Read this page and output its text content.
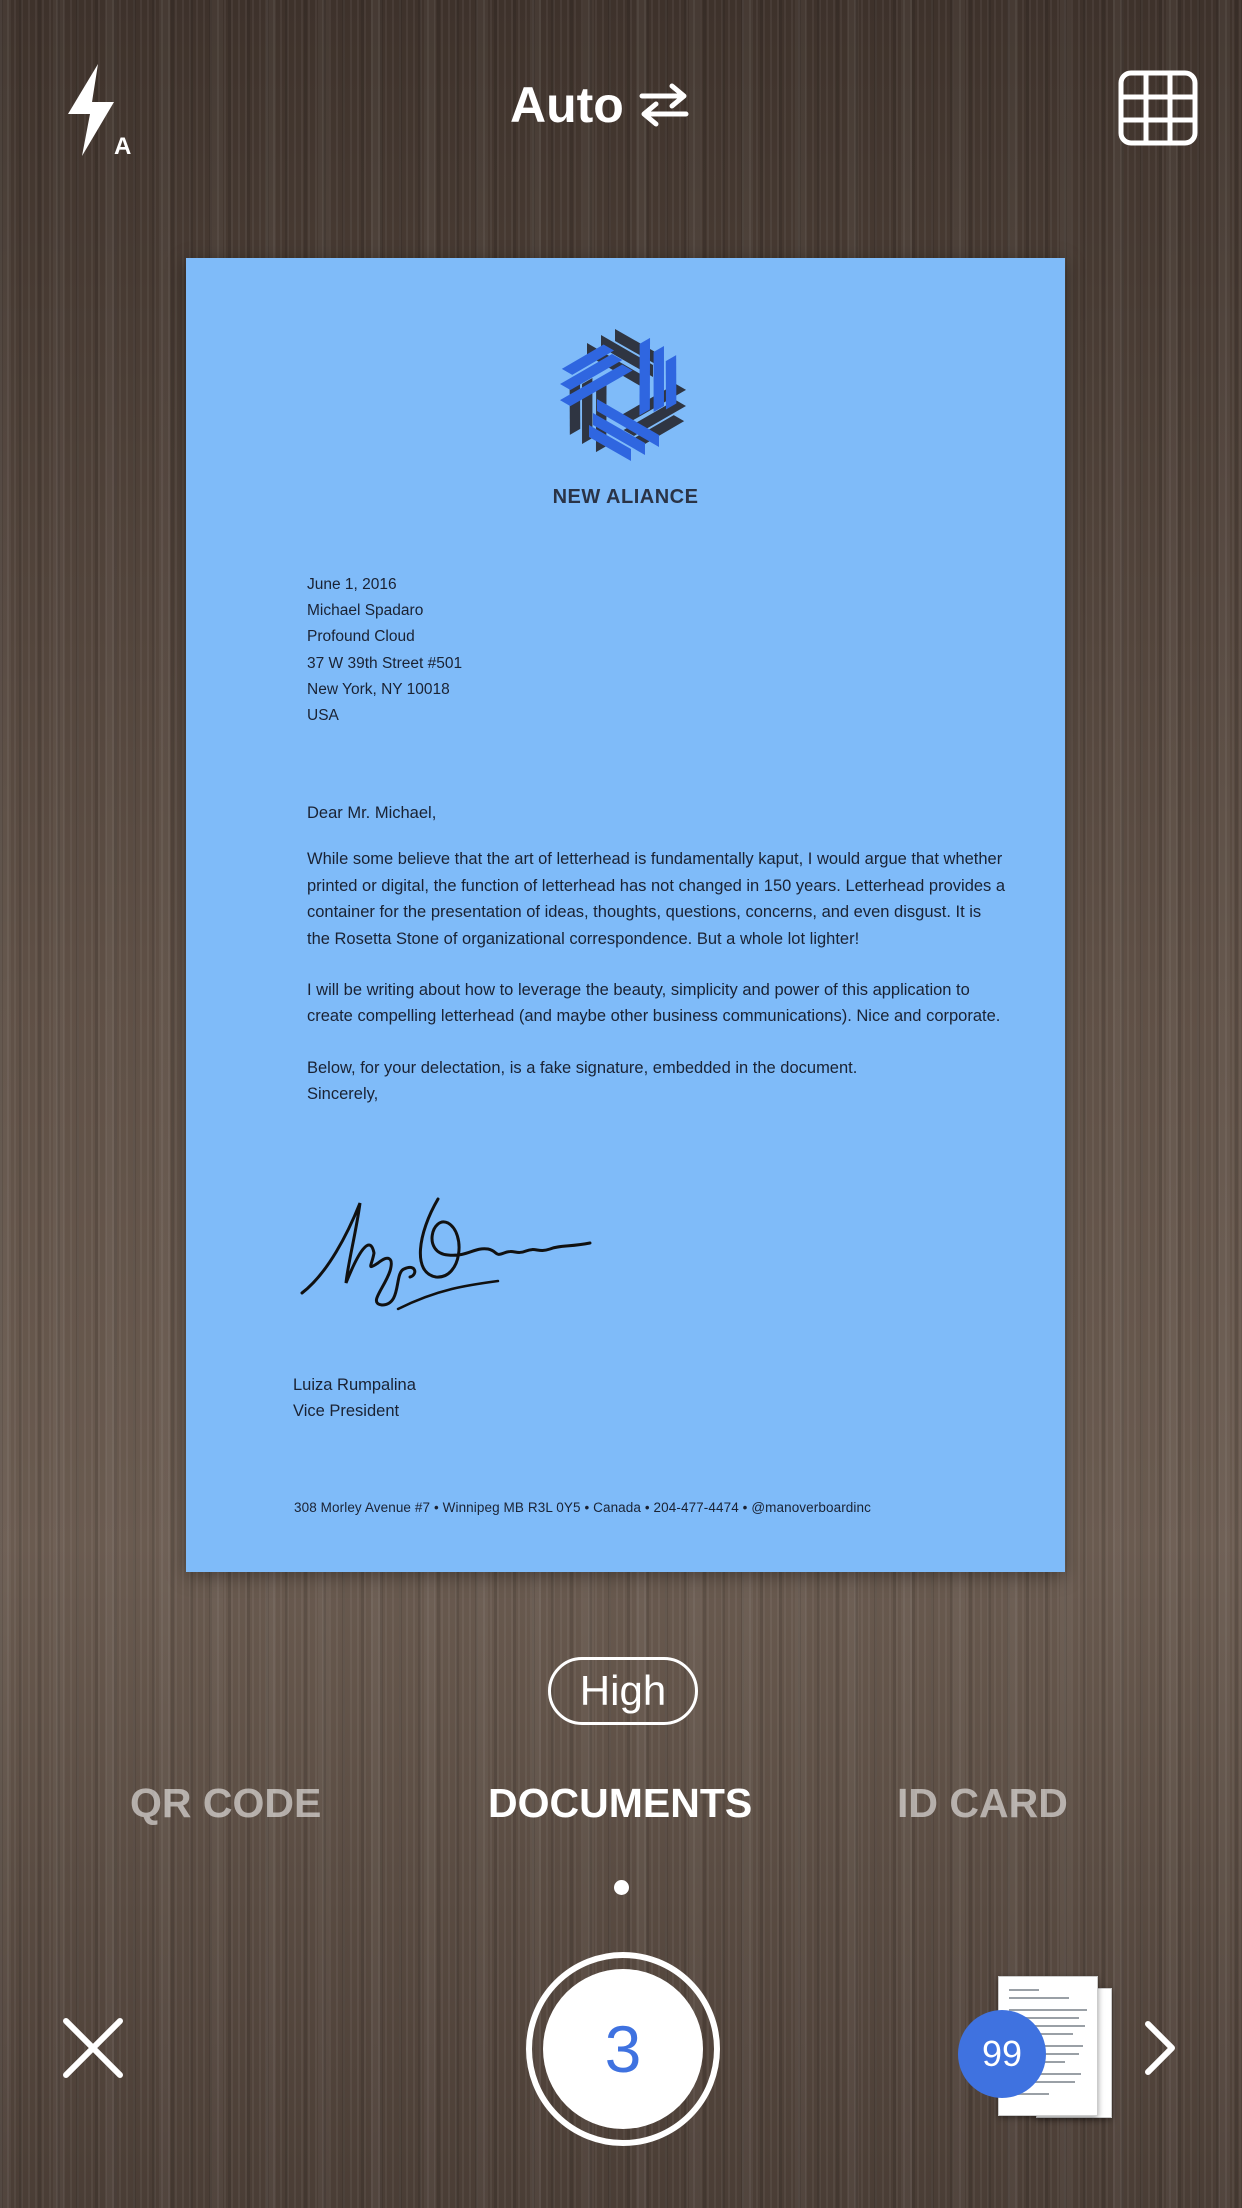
A
Auto
NEW ALIANCE
June 1, 2016
Michael Spadaro
Profound Cloud
37 W 39th Street #501
New York, NY 10018
USA

Dear Mr. Michael,

While some believe that the art of letterhead is fundamentally kaput, I would argue that whether printed or digital, the function of letterhead has not changed in 150 years. Letterhead provides a container for the presentation of ideas, thoughts, questions, concerns, and even disgust. It is the Rosetta Stone of organizational correspondence. But a whole lot lighter!

I will be writing about how to leverage the beauty, simplicity and power of this application to create compelling letterhead (and maybe other business communications). Nice and corporate.

Below, for your delectation, is a fake signature, embedded in the document.

Sincerely,

Luiza Rumpalina
Vice President
308 Morley Avenue #7 • Winnipeg MB R3L 0Y5 • Canada • 204-477-4474 • @manoverboardinc
High
QR CODE	DOCUMENTS	ID CARD
3	99
